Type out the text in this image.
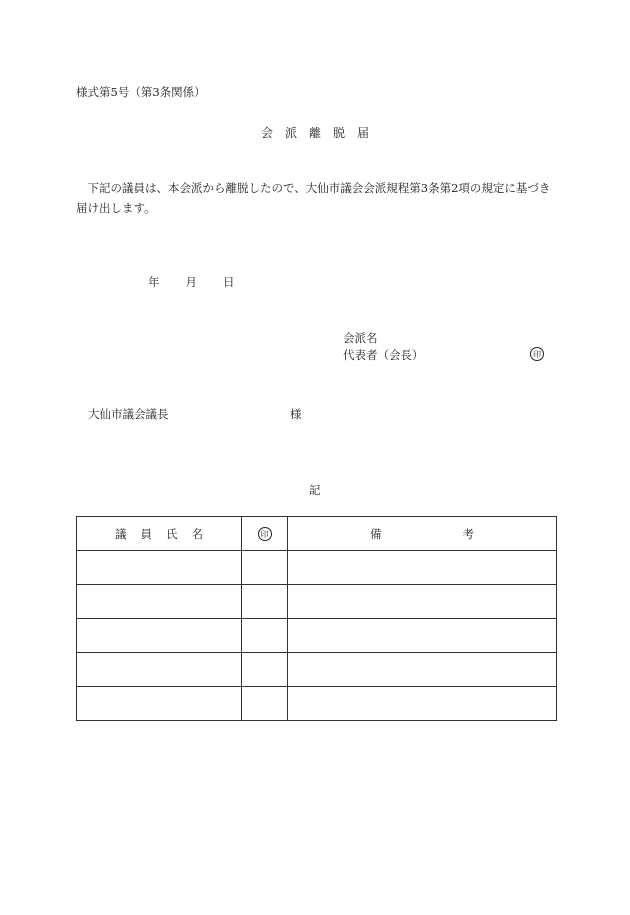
様式第5号（第3条関係）
会 派 離 脱 届
下記の議員は、本会派から離脱したので、大仙市議会会派規程第3条第2項の規定に基づき届け出します。
年 月 日
会派名
代表者（会長）	印
大仙市議会議長	様
記
議 員 氏 名	印	備 考
